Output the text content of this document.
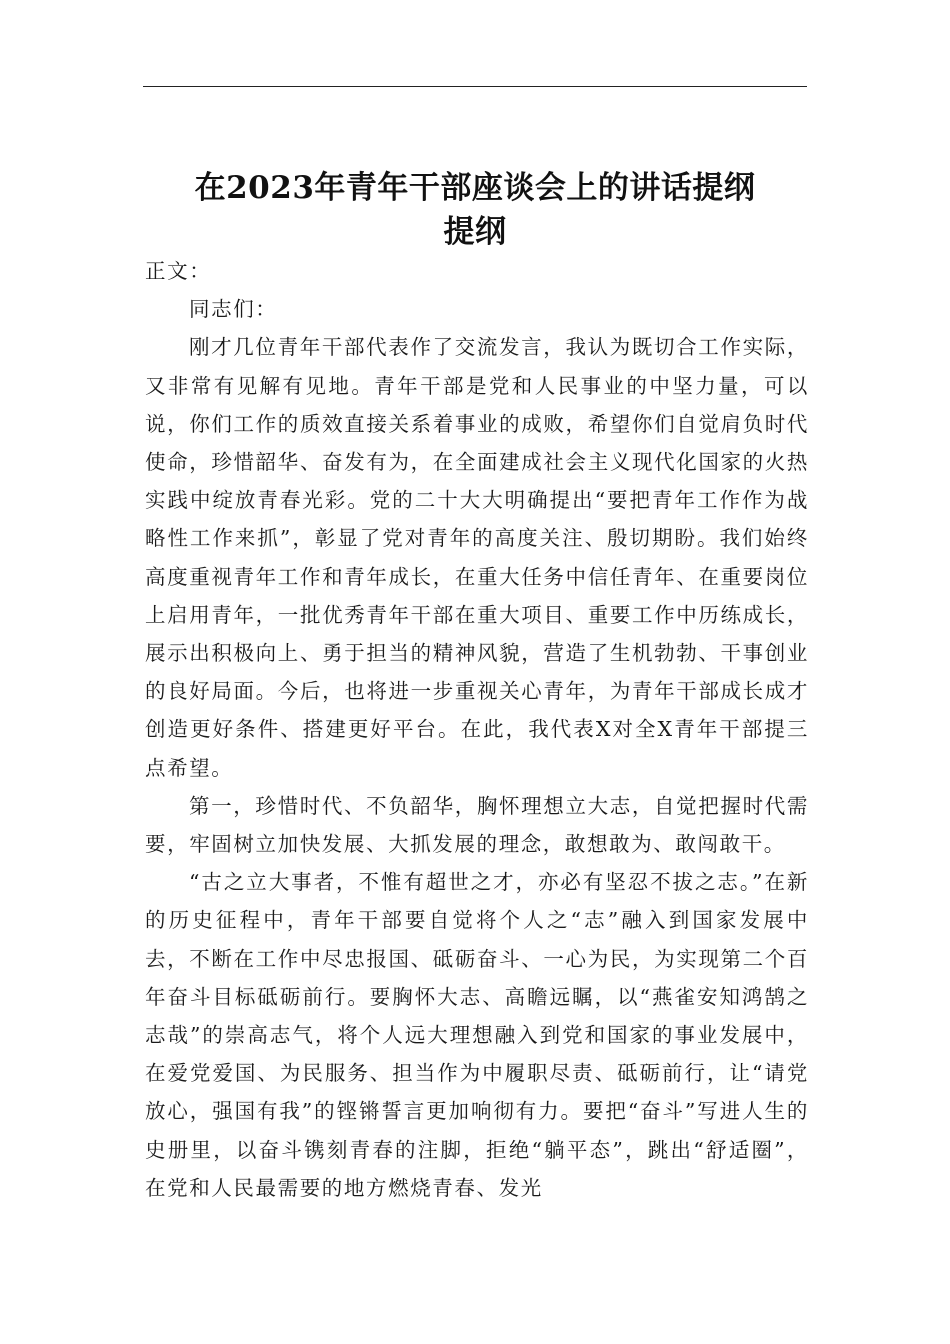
在2023年青年干部座谈会上的讲话提纲
提纲

正文：

同志们：

刚才几位青年干部代表作了交流发言，我认为既切合工作实际，又非常有见解有见地。青年干部是党和人民事业的中坚力量，可以说，你们工作的质效直接关系着事业的成败，希望你们自觉肩负时代使命，珍惜韶华、奋发有为，在全面建成社会主义现代化国家的火热实践中绽放青春光彩。党的二十大大明确提出“要把青年工作作为战略性工作来抓”，彰显了党对青年的高度关注、殷切期盼。我们始终高度重视青年工作和青年成长，在重大任务中信任青年、在重要岗位上启用青年，一批优秀青年干部在重大项目、重要工作中历练成长，展示出积极向上、勇于担当的精神风貌，营造了生机勃勃、干事创业的良好局面。今后，也将进一步重视关心青年，为青年干部成长成才创造更好条件、搭建更好平台。在此，我代表X对全X青年干部提三点希望。

第一，珍惜时代、不负韶华，胸怀理想立大志，自觉把握时代需要，牢固树立加快发展、大抓发展的理念，敢想敢为、敢闯敢干。

“古之立大事者，不惟有超世之才，亦必有坚忍不拔之志。”在新的历史征程中，青年干部要自觉将个人之“志”融入到国家发展中去，不断在工作中尽忠报国、砥砺奋斗、一心为民，为实现第二个百年奋斗目标砥砺前行。要胸怀大志、高瞻远瞩，以“燕雀安知鸿鹄之志哉”的崇高志气，将个人远大理想融入到党和国家的事业发展中，在爱党爱国、为民服务、担当作为中履职尽责、砥砺前行，让“请党放心，强国有我”的铿锵誓言更加响彻有力。要把“奋斗”写进人生的史册里，以奋斗镌刻青春的注脚，拒绝“躺平态”，跳出“舒适圈”，在党和人民最需要的地方燃烧青春、发光
